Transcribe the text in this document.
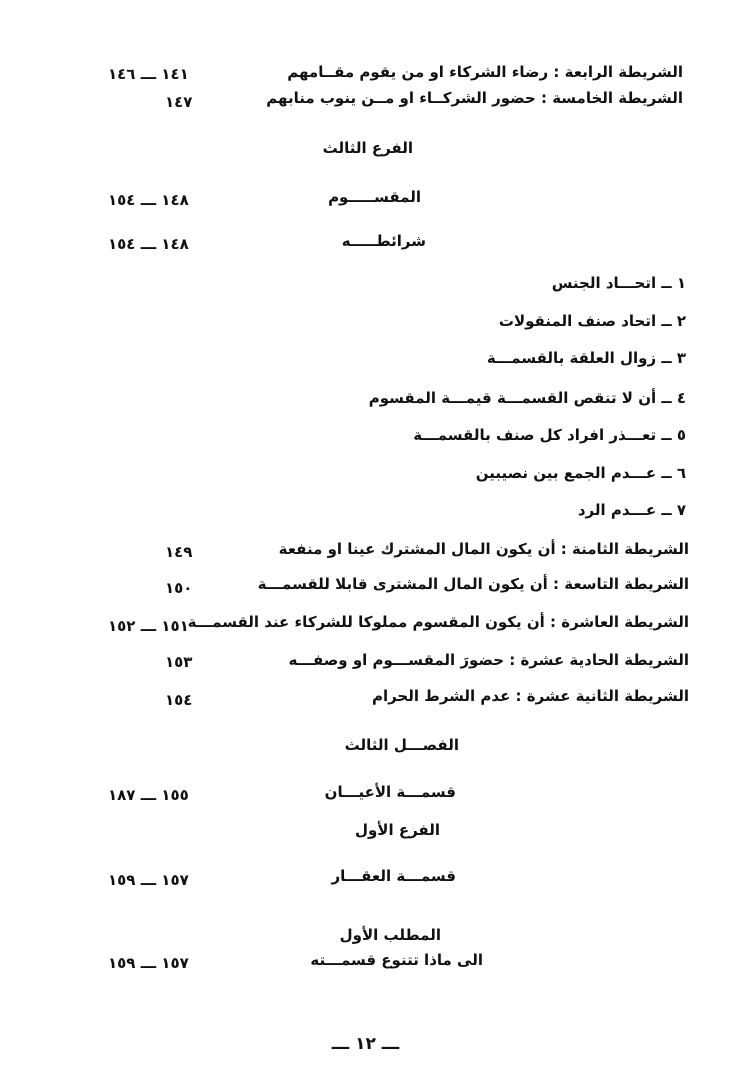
الشريطة الرابعة : رضاء الشركاء او من يقوم مقــامهم
١٤١ ـــ ١٤٦
الشريطة الخامسة : حضور الشركــاء او مــن ينوب منابهم
١٤٧
الفرع الثالث
المقســـــوم
١٤٨ ـــ ١٥٤
شرائطـــــه
١٤٨ ـــ ١٥٤
١ ــ اتحـــاد الجنس
٢ ــ اتحاد صنف المنقولات
٣ ــ زوال العلقة بالقسمـــة
٤ ــ أن لا تنقص القسمـــة قيمـــة المقسوم
٥ ــ تعـــذر افراد كل صنف بالقسمـــة
٦ ــ عـــدم الجمع بين نصيبين
٧ ــ عـــدم الرد
الشريطة الثامنة : أن يكون المال المشترك عينا او منفعة
١٤٩
الشريطة التاسعة : أن يكون المال المشترى قابلا للقسمـــة
١٥٠
الشريطة العاشرة : أن يكون المقسوم مملوكا للشركاء عند القسمـــة
١٥١ ـــ ١٥٢
الشريطة الحادية عشرة : حضورَ المقســـوم او وصفـــه
١٥٣
الشريطة الثانية عشرة : عدم الشرط الحرام
١٥٤
الفصـــل الثالث
قسمـــة الأعيـــان
١٥٥ ـــ ١٨٧
الفرع الأول
قسمـــة العقـــار
١٥٧ ـــ ١٥٩
المطلب الأول
الى ماذا تتنوع قسمـــته
١٥٧ ـــ ١٥٩
ـــ ١٢ ـــ
